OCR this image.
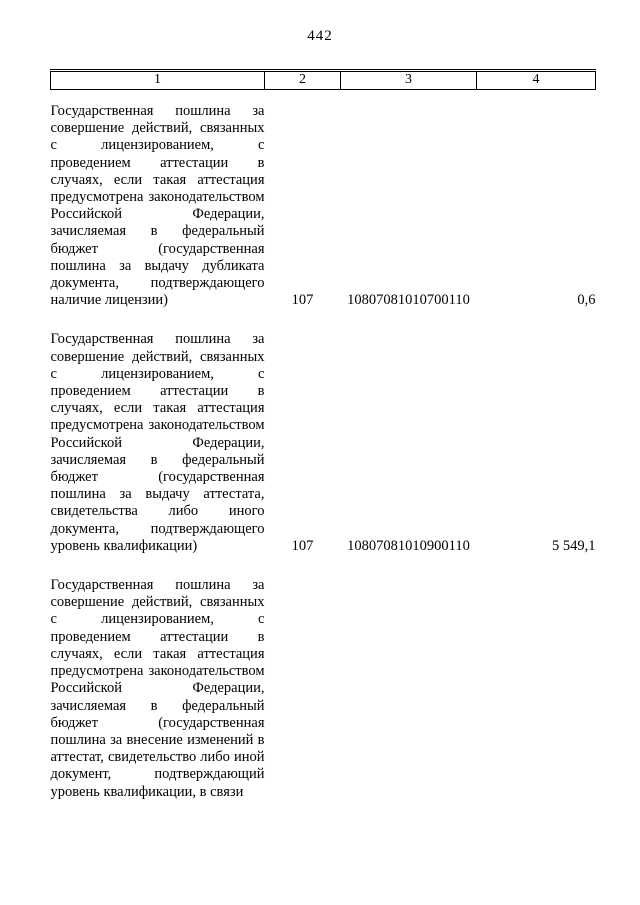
442
1	2	3	4
Государственная пошлина за совершение действий, связанных с лицензированием, с проведением аттестации в случаях, если такая аттестация предусмотрена законодательством Российской Федерации, зачисляемая в федеральный бюджет (государственная пошлина за выдачу дубликата документа, подтверждающего наличие лицензии)	107	10807081010700110	0,6
Государственная пошлина за совершение действий, связанных с лицензированием, с проведением аттестации в случаях, если такая аттестация предусмотрена законодательством Российской Федерации, зачисляемая в федеральный бюджет (государственная пошлина за выдачу аттестата, свидетельства либо иного документа, подтверждающего уровень квалификации)	107	10807081010900110	5 549,1
Государственная пошлина за совершение действий, связанных с лицензированием, с проведением аттестации в случаях, если такая аттестация предусмотрена законодательством Российской Федерации, зачисляемая в федеральный бюджет (государственная пошлина за внесение изменений в аттестат, свидетельство либо иной документ, подтверждающий уровень квалификации, в связи			
